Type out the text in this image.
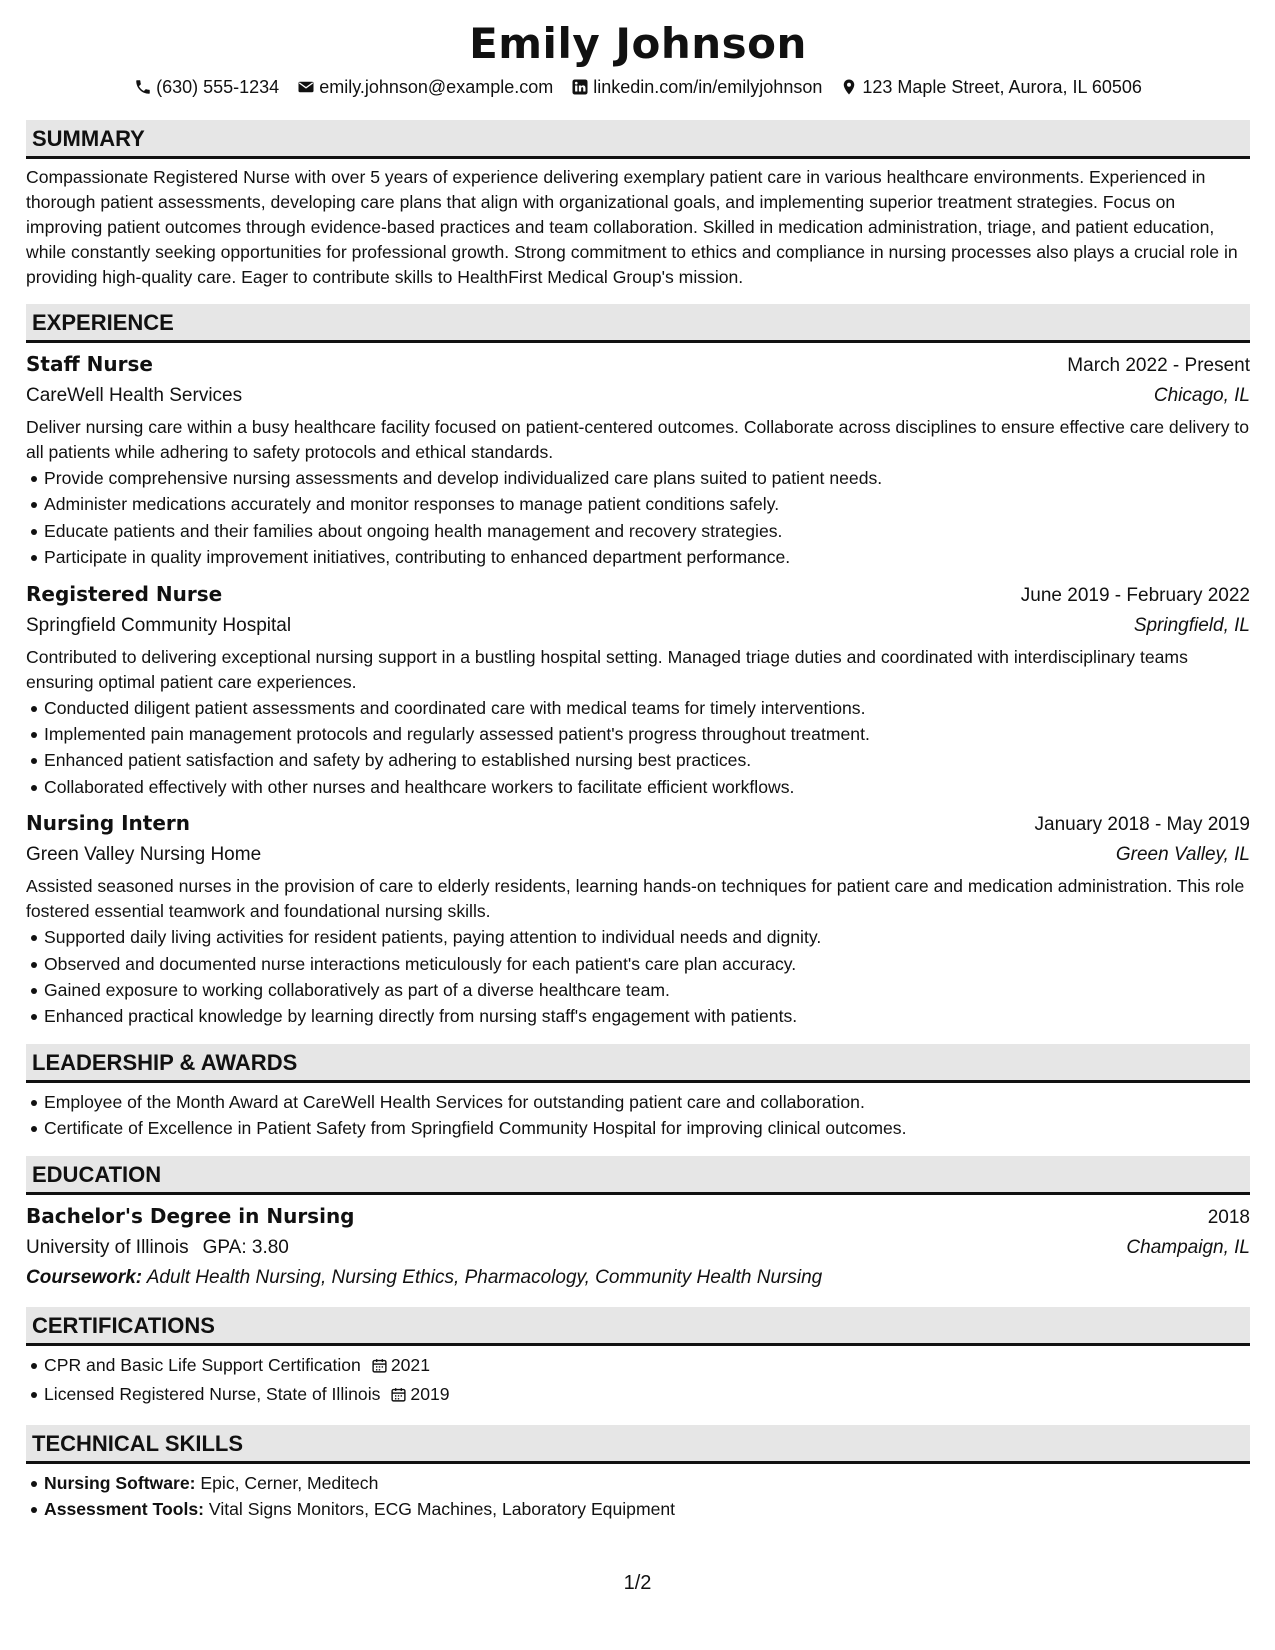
Emily Johnson
(630) 555-1234 emily.johnson@example.com linkedin.com/in/emilyjohnson 123 Maple Street, Aurora, IL 60506
SUMMARY

Compassionate Registered Nurse with over 5 years of experience delivering exemplary patient care in various healthcare environments. Experienced in thorough patient assessments, developing care plans that align with organizational goals, and implementing superior treatment strategies. Focus on improving patient outcomes through evidence-based practices and team collaboration. Skilled in medication administration, triage, and patient education, while constantly seeking opportunities for professional growth. Strong commitment to ethics and compliance in nursing processes also plays a crucial role in providing high-quality care. Eager to contribute skills to HealthFirst Medical Group's mission.

EXPERIENCE
Staff Nurse	March 2022 - Present
CareWell Health Services	Chicago, IL

Deliver nursing care within a busy healthcare facility focused on patient-centered outcomes. Collaborate across disciplines to ensure effective care delivery to all patients while adhering to safety protocols and ethical standards.

Provide comprehensive nursing assessments and develop individualized care plans suited to patient needs.
Administer medications accurately and monitor responses to manage patient conditions safely.
Educate patients and their families about ongoing health management and recovery strategies.
Participate in quality improvement initiatives, contributing to enhanced department performance.
Registered Nurse	June 2019 - February 2022
Springfield Community Hospital	Springfield, IL

Contributed to delivering exceptional nursing support in a bustling hospital setting. Managed triage duties and coordinated with interdisciplinary teams ensuring optimal patient care experiences.

Conducted diligent patient assessments and coordinated care with medical teams for timely interventions.
Implemented pain management protocols and regularly assessed patient's progress throughout treatment.
Enhanced patient satisfaction and safety by adhering to established nursing best practices.
Collaborated effectively with other nurses and healthcare workers to facilitate efficient workflows.
Nursing Intern	January 2018 - May 2019
Green Valley Nursing Home	Green Valley, IL

Assisted seasoned nurses in the provision of care to elderly residents, learning hands-on techniques for patient care and medication administration. This role fostered essential teamwork and foundational nursing skills.

Supported daily living activities for resident patients, paying attention to individual needs and dignity.
Observed and documented nurse interactions meticulously for each patient's care plan accuracy.
Gained exposure to working collaboratively as part of a diverse healthcare team.
Enhanced practical knowledge by learning directly from nursing staff's engagement with patients.
LEADERSHIP & AWARDS
Employee of the Month Award at CareWell Health Services for outstanding patient care and collaboration.
Certificate of Excellence in Patient Safety from Springfield Community Hospital for improving clinical outcomes.
EDUCATION
Bachelor's Degree in Nursing	2018
University of Illinois GPA: 3.80	Champaign, IL
Coursework: Adult Health Nursing, Nursing Ethics, Pharmacology, Community Health Nursing
CERTIFICATIONS
CPR and Basic Life Support Certification 2021
Licensed Registered Nurse, State of Illinois 2019
TECHNICAL SKILLS
Nursing Software: Epic, Cerner, Meditech
Assessment Tools: Vital Signs Monitors, ECG Machines, Laboratory Equipment
1/2
